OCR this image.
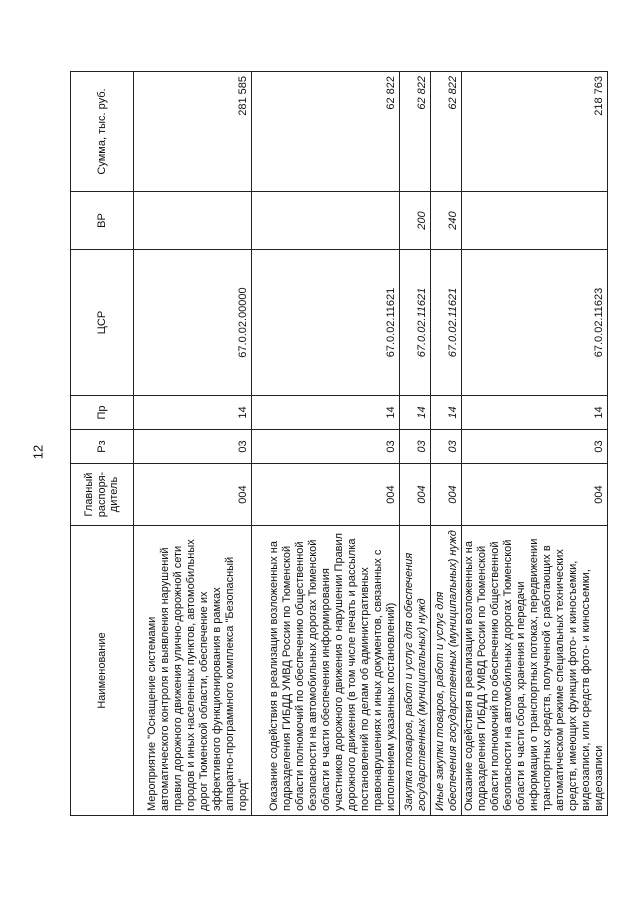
12
Наименование	Главный распоря-дитель	Рз	Пр	ЦСР	ВР	Сумма, тыс. руб.
Мероприятие "Оснащение системами автоматического контроля и выявления нарушений правил дорожного движения улично-дорожной сети городов и иных населенных пунктов, автомобильных дорог Тюменской области, обеспечение их эффективного функционирования в рамках аппаратно-программного комплекса "Безопасный город"	004	03	14	67.0.02.00000		281 585
Оказание содействия в реализации возложенных на подразделения ГИБДД УМВД России по Тюменской области полномочий по обеспечению общественной безопасности на автомобильных дорогах Тюменской области в части обеспечения информирования участников дорожного движения о нарушении Правил дорожного движения (в том числе печать и рассылка постановлений по делам об административных правонарушениях и иных документов, связанных с исполнением указанных постановлений)	004	03	14	67.0.02.11621		62 822
Закупка товаров, работ и услуг для обеспечения государственных (муниципальных) нужд	004	03	14	67.0.02.11621	200	62 822
Иные закупки товаров, работ и услуг для обеспечения государственных (муниципальных) нужд	004	03	14	67.0.02.11621	240	62 822
Оказание содействия в реализации возложенных на подразделения ГИБДД УМВД России по Тюменской области полномочий по обеспечению общественной безопасности на автомобильных дорогах Тюменской области в части сбора, хранения и передачи информации о транспортных потоках, передвижении транспортных средств, полученной с работающих в автоматическом режиме специальных технических средств, имеющих функции фото- и киносъемки, видеозаписи, или средств фото- и киносъемки, видеозаписи	004	03	14	67.0.02.11623		218 763
